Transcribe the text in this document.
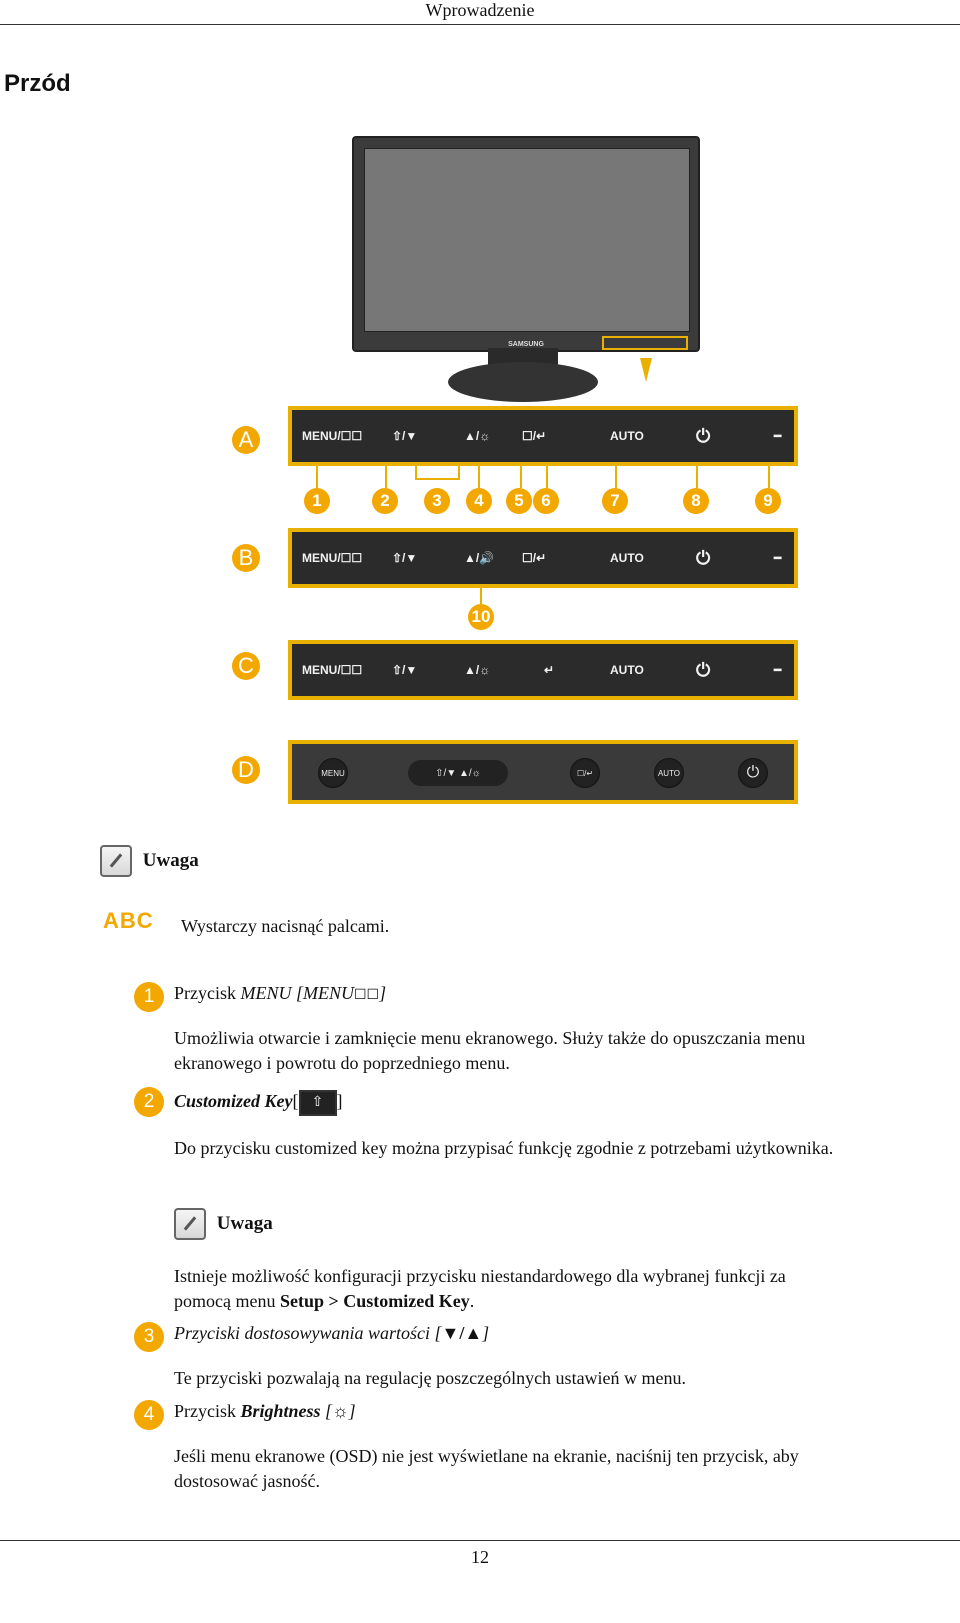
Wprowadzenie
Przód
SAMSUNG
A	MENU/☐☐ ⇧/▼	▲/☼	☐/↵	AUTO	⏻	━
1	2	3	4	5	6	7	8	9
B	MENU/☐☐ ⇧/▼	▲/🔊 ☐/↵	AUTO	⏻	━
10
C	MENU/☐☐ ⇧/▼	▲/☼	↵	AUTO	⏻	━
D	MENU	⇧/▼ ▲/☼	☐/↵	AUTO	⏻
Uwaga
ABC Wystarczy nacisnąć palcami.
1	Przycisk MENU [MENU☐☐]
Umożliwia otwarcie i zamknięcie menu ekranowego. Służy także do opuszczania menu ekranowego i powrotu do poprzedniego menu.
2	Customized Key[ ⇧ ]
Do przycisku customized key można przypisać funkcję zgodnie z potrzebami użytkownika.
Uwaga
Istnieje możliwość konfiguracji przycisku niestandardowego dla wybranej funkcji za pomocą menu Setup > Customized Key.
3	Przyciski dostosowywania wartości [▼/▲]
Te przyciski pozwalają na regulację poszczególnych ustawień w menu.
4	Przycisk Brightness [☼]
Jeśli menu ekranowe (OSD) nie jest wyświetlane na ekranie, naciśnij ten przycisk, aby dostosować jasność.
12
